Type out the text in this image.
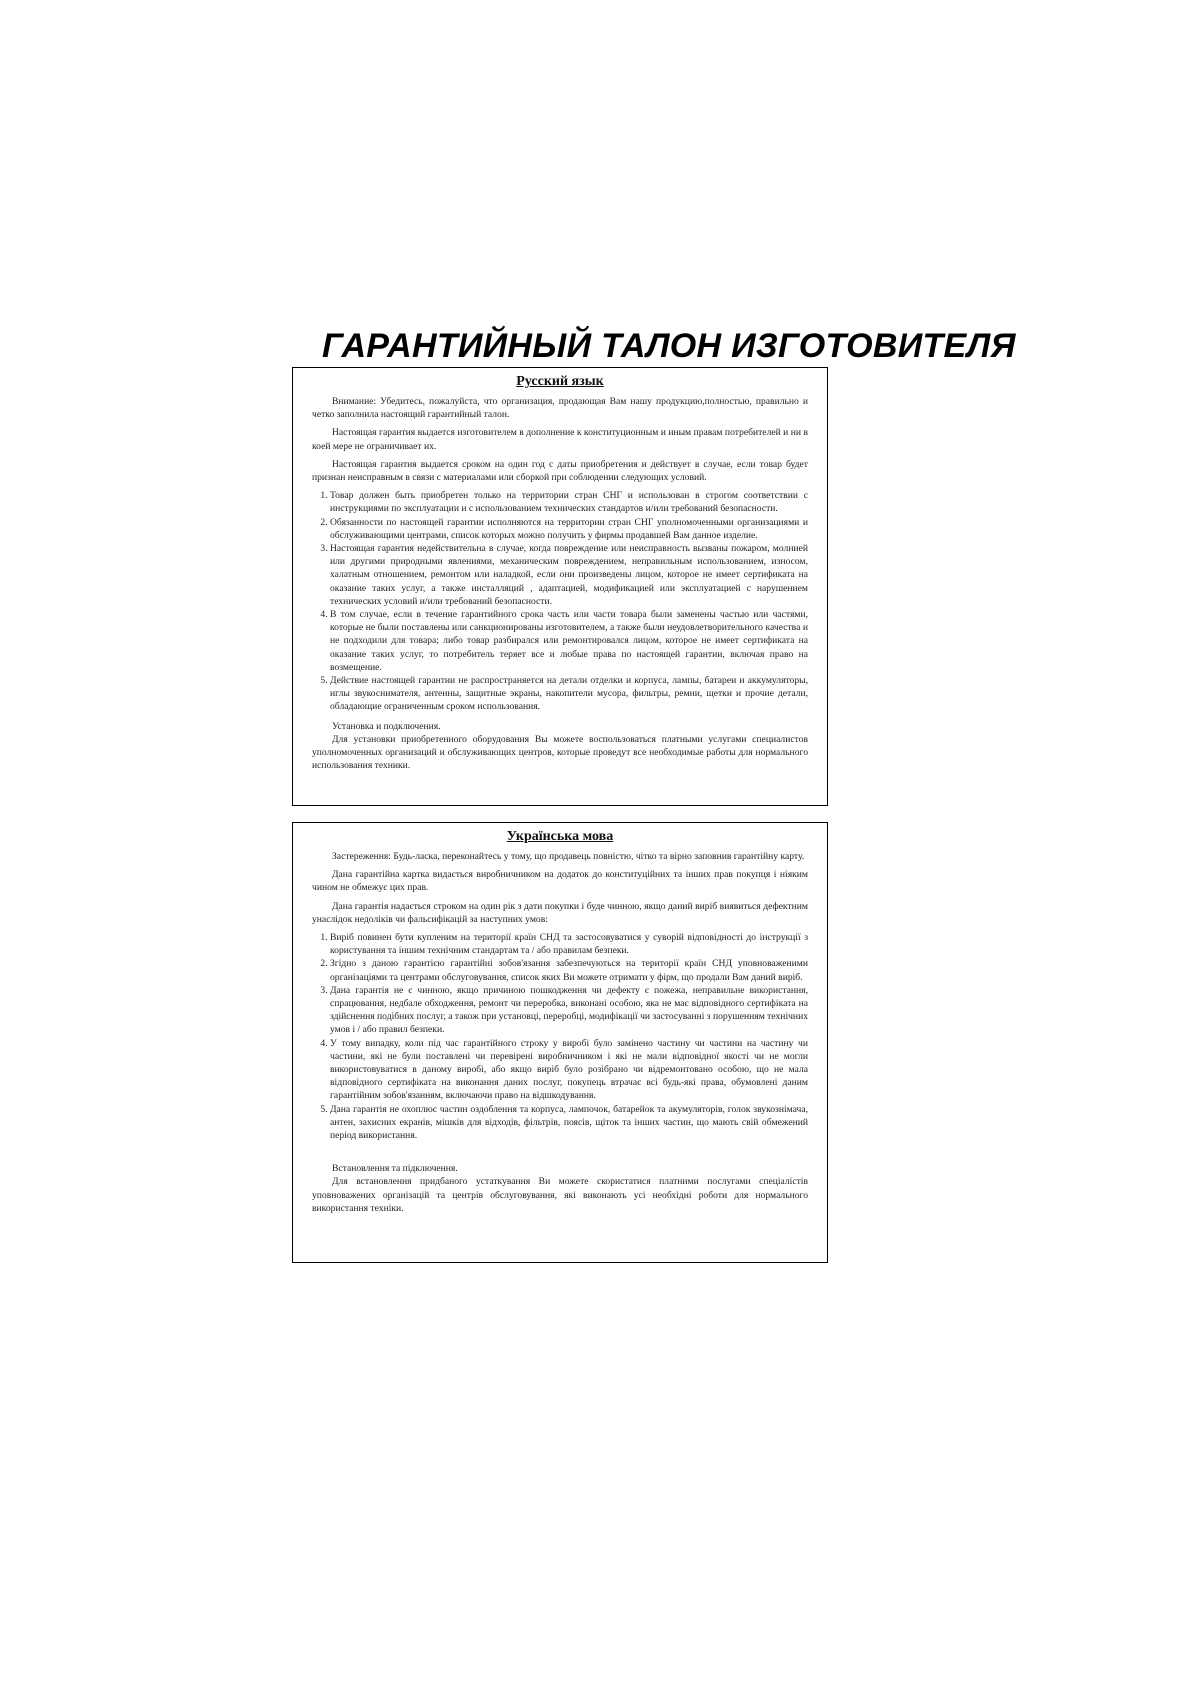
ГАРАНТИЙНЫЙ ТАЛОН ИЗГОТОВИТЕЛЯ
Русский язык

Внимание: Убедитесь, пожалуйста, что организация, продающая Вам нашу продукцию,полностью, правильно и четко заполнила настоящий гарантийный талон.

Настоящая гарантия выдается изготовителем в дополнение к конституционным и иным правам потребителей и ни в коей мере не ограничивает их.

Настоящая гарантия выдается сроком на один год с даты приобретения и действует в случае, если товар будет признан неисправным в связи с материалами или сборкой при соблюдении следующих условий.

1. Товар должен быть приобретен только на территории стран СНГ и использован в строгом соответствии с инструкциями по эксплуатации и с использованием технических стандартов и/или требований безопасности.
2. Обязанности по настоящей гарантии исполняются на территории стран СНГ уполномоченными организациями и обслуживающими центрами, список которых можно получить у фирмы продавшей Вам данное изделие.
3. Настоящая гарантия недействительна в случае, когда повреждение или неисправность вызваны пожаром, молнией или другими природными явлениями, механическим повреждением, неправильным использованием, износом, халатным отношением, ремонтом или наладкой, если они произведены лицом, которое не имеет сертификата на оказание таких услуг, а также инсталляций , адаптацией, модификацией или эксплуатацией с нарушением технических условий и/или требований безопасности.
4. В том случае, если в течение гарантийного срока часть или части товара были заменены частью или частями, которые не были поставлены или санкционированы изготовителем, а также были неудовлетворительного качества и не подходили для товара; либо товар разбирался или ремонтировался лицом, которое не имеет сертификата на оказание таких услуг, то потребитель теряет все и любые права по настоящей гарантии, включая право на возмещение.
5. Действие настоящей гарантии не распространяется на детали отделки и корпуса, лампы, батареи и аккумуляторы, иглы звукоснимателя, антенны, защитные экраны, накопители мусора, фильтры, ремни, щетки и прочие детали, обладающие ограниченным сроком использования.

Установка и подключения.

Для установки приобретенного оборудования Вы можете воспользоваться платными услугами специалистов уполномоченных организаций и обслуживающих центров, которые проведут все необходимые работы для нормального использования техники.

Українська мова

Застереження: Будь-ласка, переконайтесь у тому, що продавець повністю, чітко та вірно заповнив гарантійну карту.

Дана гарантійна картка видається виробничником на додаток до конституційних та інших прав покупця і ніяким чином не обмежує цих прав.

Дана гарантія надається строком на один рік з дати покупки і буде чинною, якщо даний виріб виявиться дефектним унаслідок недоліків чи фальсифікацій за наступних умов:

1. Виріб повинен бути купленим на території країн СНД та застосовуватися у суворій відповідності до інструкції з користування та іншим технічним стандартам та / або правилам безпеки.
2. Згідно з даною гарантією гарантійні зобов'язання забезпечуються на території країн СНД уповноваженими організаціями та центрами обслуговування, список яких Ви можете отримати у фірм, що продали Вам даний виріб.
3. Дана гарантія не є чинною, якщо причиною пошкодження чи дефекту є пожежа, неправильне використання, спрацювання, недбале обходження, ремонт чи переробка, виконані особою, яка не має відповідного сертифіката на здійснення подібних послуг, а також при установці, переробці, модифікації чи застосуванні з порушенням технічних умов і / або правил безпеки.
4. У тому випадку, коли під час гарантійного строку у виробі було замінено частину чи частини на частину чи частини, які не були поставлені чи перевірені виробничником і які не мали відповідної якості чи не могли використовуватися в даному виробі, або якщо виріб було розібрано чи відремонтовано особою, що не мала відповідного сертифіката на виконання даних послуг, покупець втрачає всі будь-які права, обумовлені даним гарантійним зобов'язанням, включаючи право на відшкодування.
5. Дана гарантія не охоплює частин оздоблення та корпуса, лампочок, батарейок та акумуляторів, голок звукознімача, антен, захисних екранів, мішків для відходів, фільтрів, поясів, щіток та інших частин, що мають свій обмежений період використання.

Встановлення та підключення.

Для встановлення придбаного устаткування Ви можете скористатися платними послугами спеціалістів уповноважених організацій та центрів обслуговування, які виконають усі необхідні роботи для нормального використання техніки.
